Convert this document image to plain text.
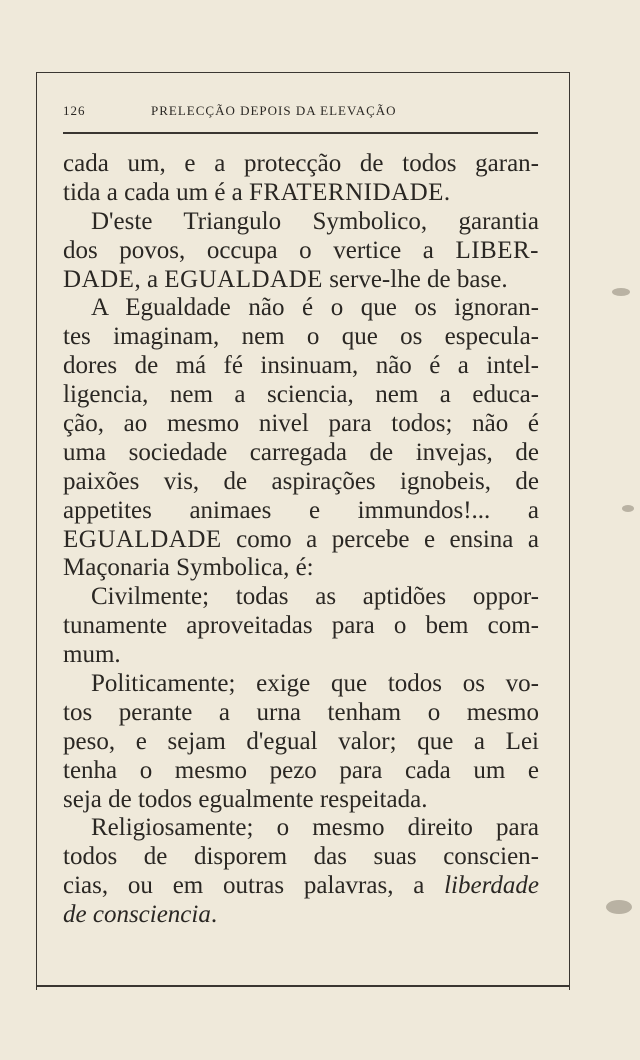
126	PRELECÇÃO DEPOIS DA ELEVAÇÃO
cada um, e a protecção de todos garan-
tida a cada um é a FRATERNIDADE.
D'este Triangulo Symbolico, garantia
dos povos, occupa o vertice a LIBER-
DADE, a EGUALDADE serve-lhe de base.
A Egualdade não é o que os ignoran-
tes imaginam, nem o que os especula-
dores de má fé insinuam, não é a intel-
ligencia, nem a sciencia, nem a educa-
ção, ao mesmo nivel para todos; não é
uma sociedade carregada de invejas, de
paixões vis, de aspirações ignobeis, de
appetites animaes e immundos!... a
EGUALDADE como a percebe e ensina a
Maçonaria Symbolica, é:
Civilmente; todas as aptidões oppor-
tunamente aproveitadas para o bem com-
mum.
Politicamente; exige que todos os vo-
tos perante a urna tenham o mesmo
peso, e sejam d'egual valor; que a Lei
tenha o mesmo pezo para cada um e
seja de todos egualmente respeitada.
Religiosamente; o mesmo direito para
todos de disporem das suas conscien-
cias, ou em outras palavras, a liberdade
de consciencia.
